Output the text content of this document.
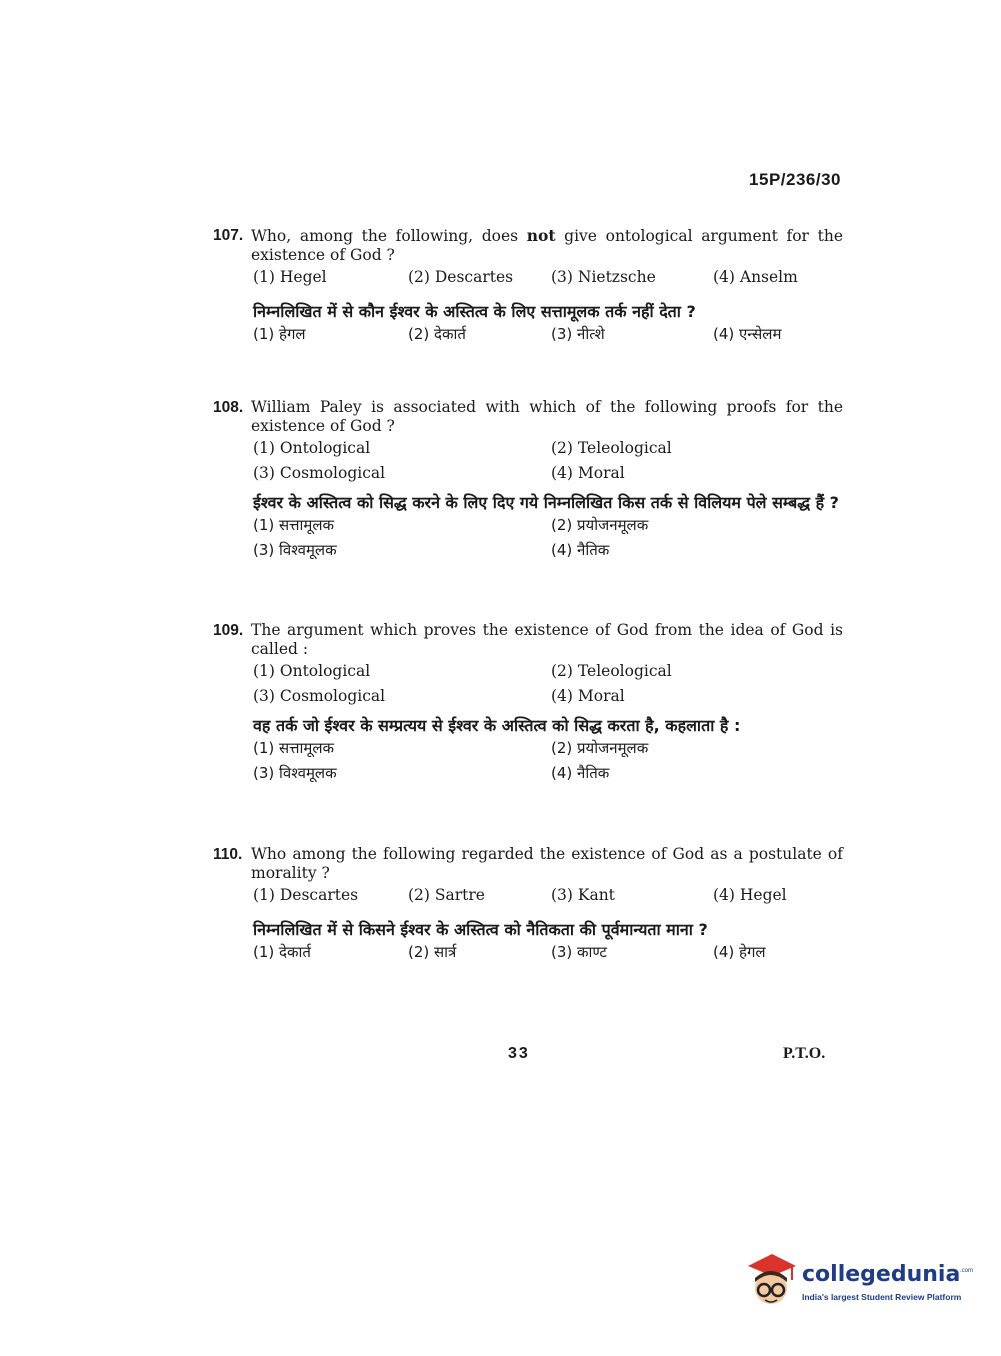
15P/236/30
107. Who, among the following, does not give ontological argument for the existence of God ?
(1) Hegel	(2) Descartes (3) Nietzsche	(4) Anselm
निम्नलिखित में से कौन ईश्वर के अस्तित्व के लिए सत्तामूलक तर्क नहीं देता ?
(1) हेगल	(2) देकार्त	(3) नीत्शे	(4) एन्सेलम
108. William Paley is associated with which of the following proofs for the existence of God ?
(1) Ontological	(2) Teleological
(3) Cosmological	(4) Moral
ईश्वर के अस्तित्व को सिद्ध करने के लिए दिए गये निम्नलिखित किस तर्क से विलियम पेले सम्बद्ध हैं ?
(1) सत्तामूलक	(2) प्रयोजनमूलक
(3) विश्वमूलक	(4) नैतिक
109. The argument which proves the existence of God from the idea of God is called :
(1) Ontological	(2) Teleological
(3) Cosmological	(4) Moral
वह तर्क जो ईश्वर के सम्प्रत्यय से ईश्वर के अस्तित्व को सिद्ध करता है, कहलाता है :
(1) सत्तामूलक	(2) प्रयोजनमूलक
(3) विश्वमूलक	(4) नैतिक
110. Who among the following regarded the existence of God as a postulate of morality ?
(1) Descartes	(2) Sartre	(3) Kant	(4) Hegel
निम्नलिखित में से किसने ईश्वर के अस्तित्व को नैतिकता की पूर्वमान्यता माना ?
(1) देकार्त	(2) सार्त्र	(3) काण्ट	(4) हेगल
33	P.T.O.
collegedunia .com
India's largest Student Review Platform
